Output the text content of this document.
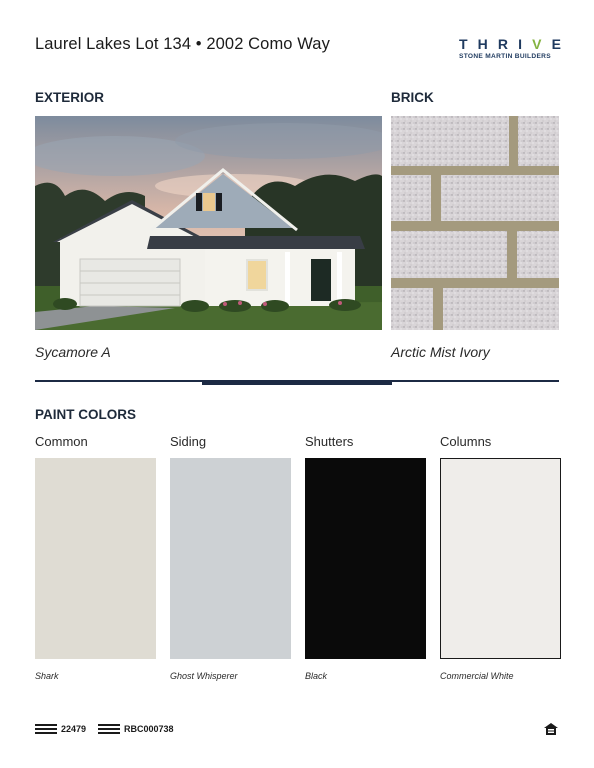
Laurel Lakes Lot 134 • 2002 Como Way	T H R I V E
STONE MARTIN BUILDERS
EXTERIOR	BRICK
Sycamore A	Arctic Mist Ivory
PAINT COLORS
Common	Siding	Shutters	Columns
Shark	Ghost Whisperer	Black	Commercial White
22479	RBC000738
